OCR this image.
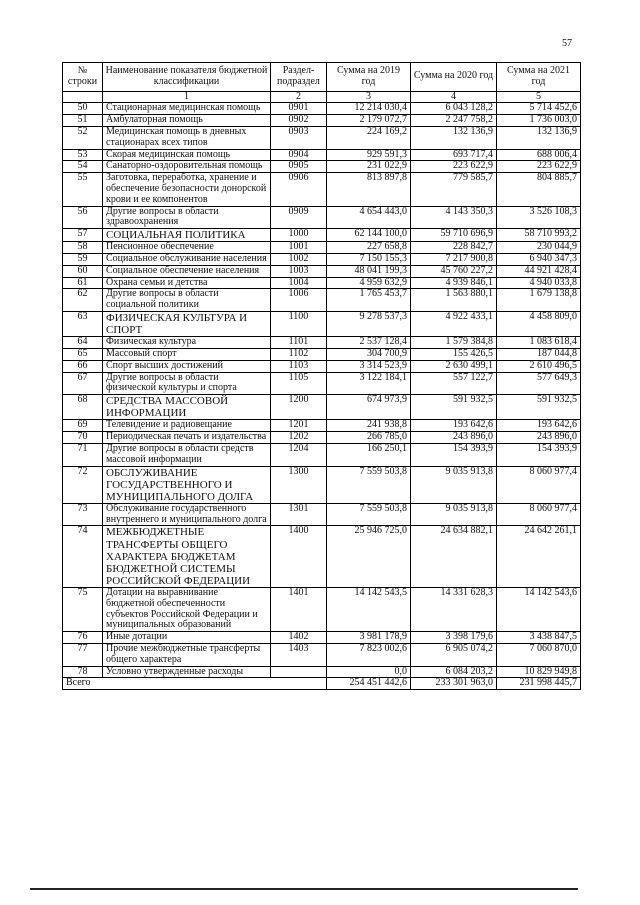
57
№ строки	Наименование показателя бюджетной классификации	Раздел-подраздел	Сумма на 2019 год	Сумма на 2020 год	Сумма на 2021 год
	1	2	3	4	5
50	Стационарная медицинская помощь	0901	12 214 030,4	6 043 128,2	5 714 452,6
51	Амбулаторная помощь	0902	2 179 072,7	2 247 758,2	1 736 003,0
52	Медицинская помощь в дневных стационарах всех типов	0903	224 169,2	132 136,9	132 136,9
53	Скорая медицинская помощь	0904	929 591,3	693 717,4	688 006,4
54	Санаторно-оздоровительная помощь	0905	231 022,9	223 622,9	223 622,9
55	Заготовка, переработка, хранение и обеспечение безопасности донорской крови и ее компонентов	0906	813 897,8	779 585,7	804 885,7
56	Другие вопросы в области здравоохранения	0909	4 654 443,0	4 143 350,3	3 526 108,3
57	СОЦИАЛЬНАЯ ПОЛИТИКА	1000	62 144 100,0	59 710 696,9	58 710 993,2
58	Пенсионное обеспечение	1001	227 658,8	228 842,7	230 044,9
59	Социальное обслуживание населения	1002	7 150 155,3	7 217 900,8	6 940 347,3
60	Социальное обеспечение населения	1003	48 041 199,3	45 760 227,2	44 921 428,4
61	Охрана семьи и детства	1004	4 959 632,9	4 939 846,1	4 940 033,8
62	Другие вопросы в области социальной политики	1006	1 765 453,7	1 563 880,1	1 679 138,8
63	ФИЗИЧЕСКАЯ КУЛЬТУРА И СПОРТ	1100	9 278 537,3	4 922 433,1	4 458 809,0
64	Физическая культура	1101	2 537 128,4	1 579 384,8	1 083 618,4
65	Массовый спорт	1102	304 700,9	155 426,5	187 044,8
66	Спорт высших достижений	1103	3 314 523,9	2 630 499,1	2 610 496,5
67	Другие вопросы в области физической культуры и спорта	1105	3 122 184,1	557 122,7	577 649,3
68	СРЕДСТВА МАССОВОЙ ИНФОРМАЦИИ	1200	674 973,9	591 932,5	591 932,5
69	Телевидение и радиовещание	1201	241 938,8	193 642,6	193 642,6
70	Периодическая печать и издательства	1202	266 785,0	243 896,0	243 896,0
71	Другие вопросы в области средств массовой информации	1204	166 250,1	154 393,9	154 393,9
72	ОБСЛУЖИВАНИЕ ГОСУДАРСТВЕННОГО И МУНИЦИПАЛЬНОГО ДОЛГА	1300	7 559 503,8	9 035 913,8	8 060 977,4
73	Обслуживание государственного внутреннего и муниципального долга	1301	7 559 503,8	9 035 913,8	8 060 977,4
74	МЕЖБЮДЖЕТНЫЕ ТРАНСФЕРТЫ ОБЩЕГО ХАРАКТЕРА БЮДЖЕТАМ БЮДЖЕТНОЙ СИСТЕМЫ РОССИЙСКОЙ ФЕДЕРАЦИИ	1400	25 946 725,0	24 634 882,1	24 642 261,1
75	Дотации на выравнивание бюджетной обеспеченности субъектов Российской Федерации и муниципальных образований	1401	14 142 543,5	14 331 628,3	14 142 543,6
76	Иные дотации	1402	3 981 178,9	3 398 179,6	3 438 847,5
77	Прочие межбюджетные трансферты общего характера	1403	7 823 002,6	6 905 074,2	7 060 870,0
78	Условно утвержденные расходы		0,0	6 084 203,2	10 829 949,8
Всего			254 451 442,6	233 301 963,0	231 998 445,7
